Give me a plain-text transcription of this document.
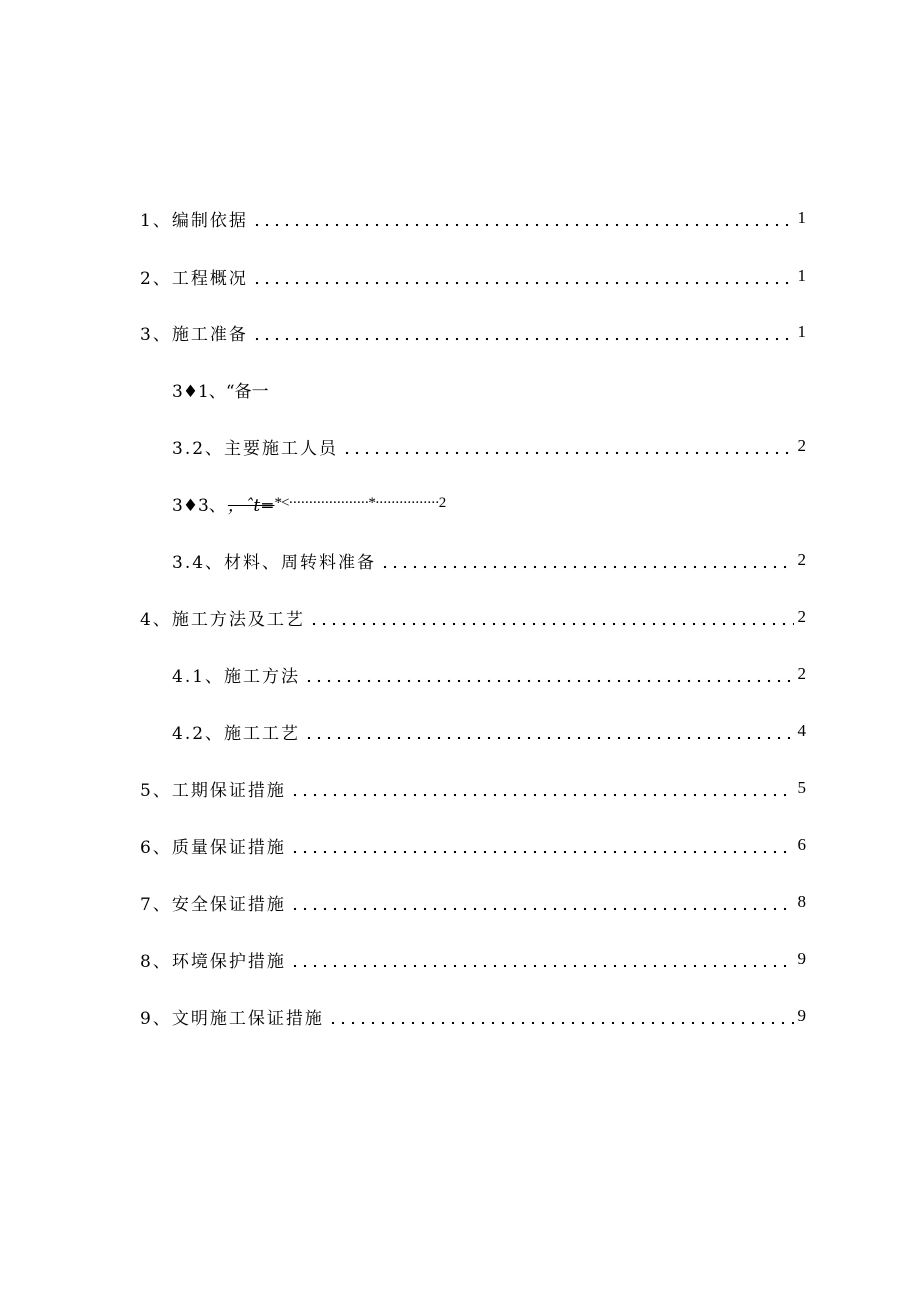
1、编制依据	1
2、工程概况	1
3、施工准备	1
3♦1、“备一
3.2、主要施工人员	2
3♦3、 ，ˆt= *<····················*················2
3.4、材料、周转料准备	2
4、施工方法及工艺	2
4.1、施工方法	2
4.2、施工工艺	4
5、工期保证措施	5
6、质量保证措施	6
7、安全保证措施	8
8、环境保护措施	9
9、文明施工保证措施	9
